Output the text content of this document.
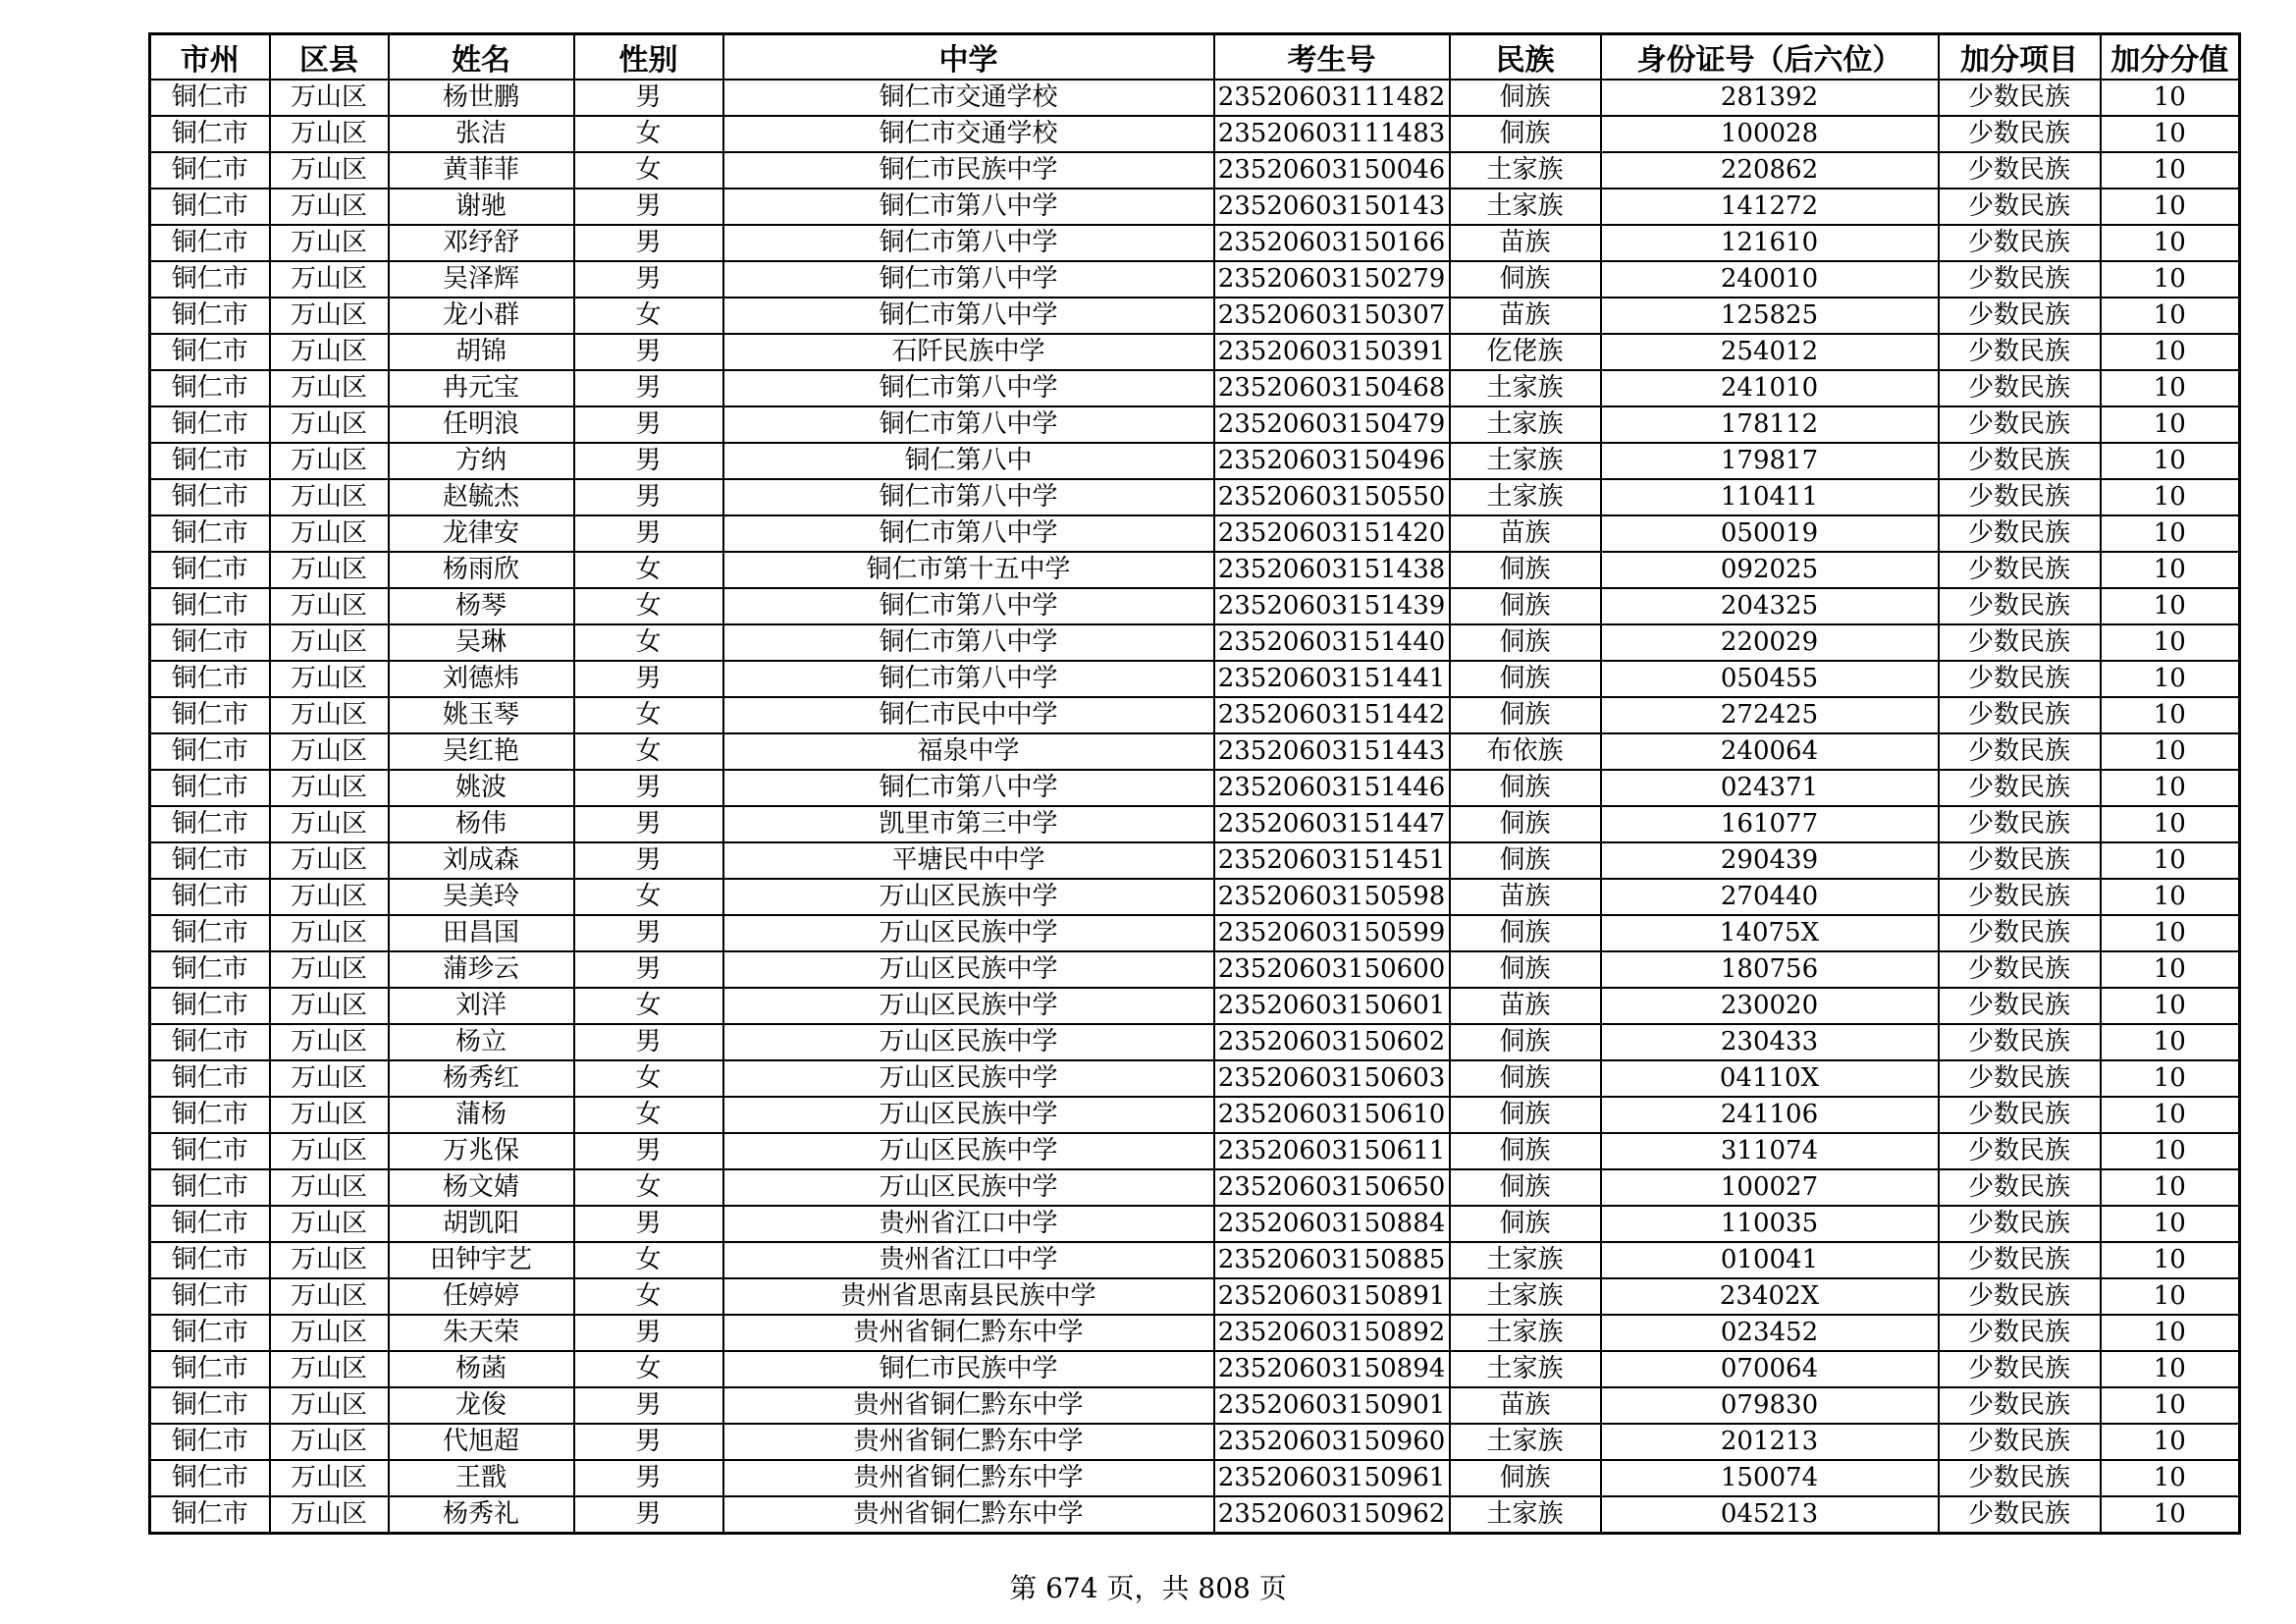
市州	区县	姓名	性别	中学	考生号	民族	身份证号（后六位）	加分项目	加分分值
铜仁市	万山区	杨世鹏	男	铜仁市交通学校	23520603111482	侗族	281392	少数民族	10
铜仁市	万山区	张洁	女	铜仁市交通学校	23520603111483	侗族	100028	少数民族	10
铜仁市	万山区	黄菲菲	女	铜仁市民族中学	23520603150046	土家族	220862	少数民族	10
铜仁市	万山区	谢驰	男	铜仁市第八中学	23520603150143	土家族	141272	少数民族	10
铜仁市	万山区	邓纾舒	男	铜仁市第八中学	23520603150166	苗族	121610	少数民族	10
铜仁市	万山区	吴泽辉	男	铜仁市第八中学	23520603150279	侗族	240010	少数民族	10
铜仁市	万山区	龙小群	女	铜仁市第八中学	23520603150307	苗族	125825	少数民族	10
铜仁市	万山区	胡锦	男	石阡民族中学	23520603150391	仡佬族	254012	少数民族	10
铜仁市	万山区	冉元宝	男	铜仁市第八中学	23520603150468	土家族	241010	少数民族	10
铜仁市	万山区	任明浪	男	铜仁市第八中学	23520603150479	土家族	178112	少数民族	10
铜仁市	万山区	方纳	男	铜仁第八中	23520603150496	土家族	179817	少数民族	10
铜仁市	万山区	赵毓杰	男	铜仁市第八中学	23520603150550	土家族	110411	少数民族	10
铜仁市	万山区	龙律安	男	铜仁市第八中学	23520603151420	苗族	050019	少数民族	10
铜仁市	万山区	杨雨欣	女	铜仁市第十五中学	23520603151438	侗族	092025	少数民族	10
铜仁市	万山区	杨琴	女	铜仁市第八中学	23520603151439	侗族	204325	少数民族	10
铜仁市	万山区	吴琳	女	铜仁市第八中学	23520603151440	侗族	220029	少数民族	10
铜仁市	万山区	刘德炜	男	铜仁市第八中学	23520603151441	侗族	050455	少数民族	10
铜仁市	万山区	姚玉琴	女	铜仁市民中中学	23520603151442	侗族	272425	少数民族	10
铜仁市	万山区	吴红艳	女	福泉中学	23520603151443	布依族	240064	少数民族	10
铜仁市	万山区	姚波	男	铜仁市第八中学	23520603151446	侗族	024371	少数民族	10
铜仁市	万山区	杨伟	男	凯里市第三中学	23520603151447	侗族	161077	少数民族	10
铜仁市	万山区	刘成森	男	平塘民中中学	23520603151451	侗族	290439	少数民族	10
铜仁市	万山区	吴美玲	女	万山区民族中学	23520603150598	苗族	270440	少数民族	10
铜仁市	万山区	田昌国	男	万山区民族中学	23520603150599	侗族	14075X	少数民族	10
铜仁市	万山区	蒲珍云	男	万山区民族中学	23520603150600	侗族	180756	少数民族	10
铜仁市	万山区	刘洋	女	万山区民族中学	23520603150601	苗族	230020	少数民族	10
铜仁市	万山区	杨立	男	万山区民族中学	23520603150602	侗族	230433	少数民族	10
铜仁市	万山区	杨秀红	女	万山区民族中学	23520603150603	侗族	04110X	少数民族	10
铜仁市	万山区	蒲杨	女	万山区民族中学	23520603150610	侗族	241106	少数民族	10
铜仁市	万山区	万兆保	男	万山区民族中学	23520603150611	侗族	311074	少数民族	10
铜仁市	万山区	杨文婧	女	万山区民族中学	23520603150650	侗族	100027	少数民族	10
铜仁市	万山区	胡凯阳	男	贵州省江口中学	23520603150884	侗族	110035	少数民族	10
铜仁市	万山区	田钟宇艺	女	贵州省江口中学	23520603150885	土家族	010041	少数民族	10
铜仁市	万山区	任婷婷	女	贵州省思南县民族中学	23520603150891	土家族	23402X	少数民族	10
铜仁市	万山区	朱天荣	男	贵州省铜仁黔东中学	23520603150892	土家族	023452	少数民族	10
铜仁市	万山区	杨菡	女	铜仁市民族中学	23520603150894	土家族	070064	少数民族	10
铜仁市	万山区	龙俊	男	贵州省铜仁黔东中学	23520603150901	苗族	079830	少数民族	10
铜仁市	万山区	代旭超	男	贵州省铜仁黔东中学	23520603150960	土家族	201213	少数民族	10
铜仁市	万山区	王戬	男	贵州省铜仁黔东中学	23520603150961	侗族	150074	少数民族	10
铜仁市	万山区	杨秀礼	男	贵州省铜仁黔东中学	23520603150962	土家族	045213	少数民族	10
第 674 页，共 808 页
